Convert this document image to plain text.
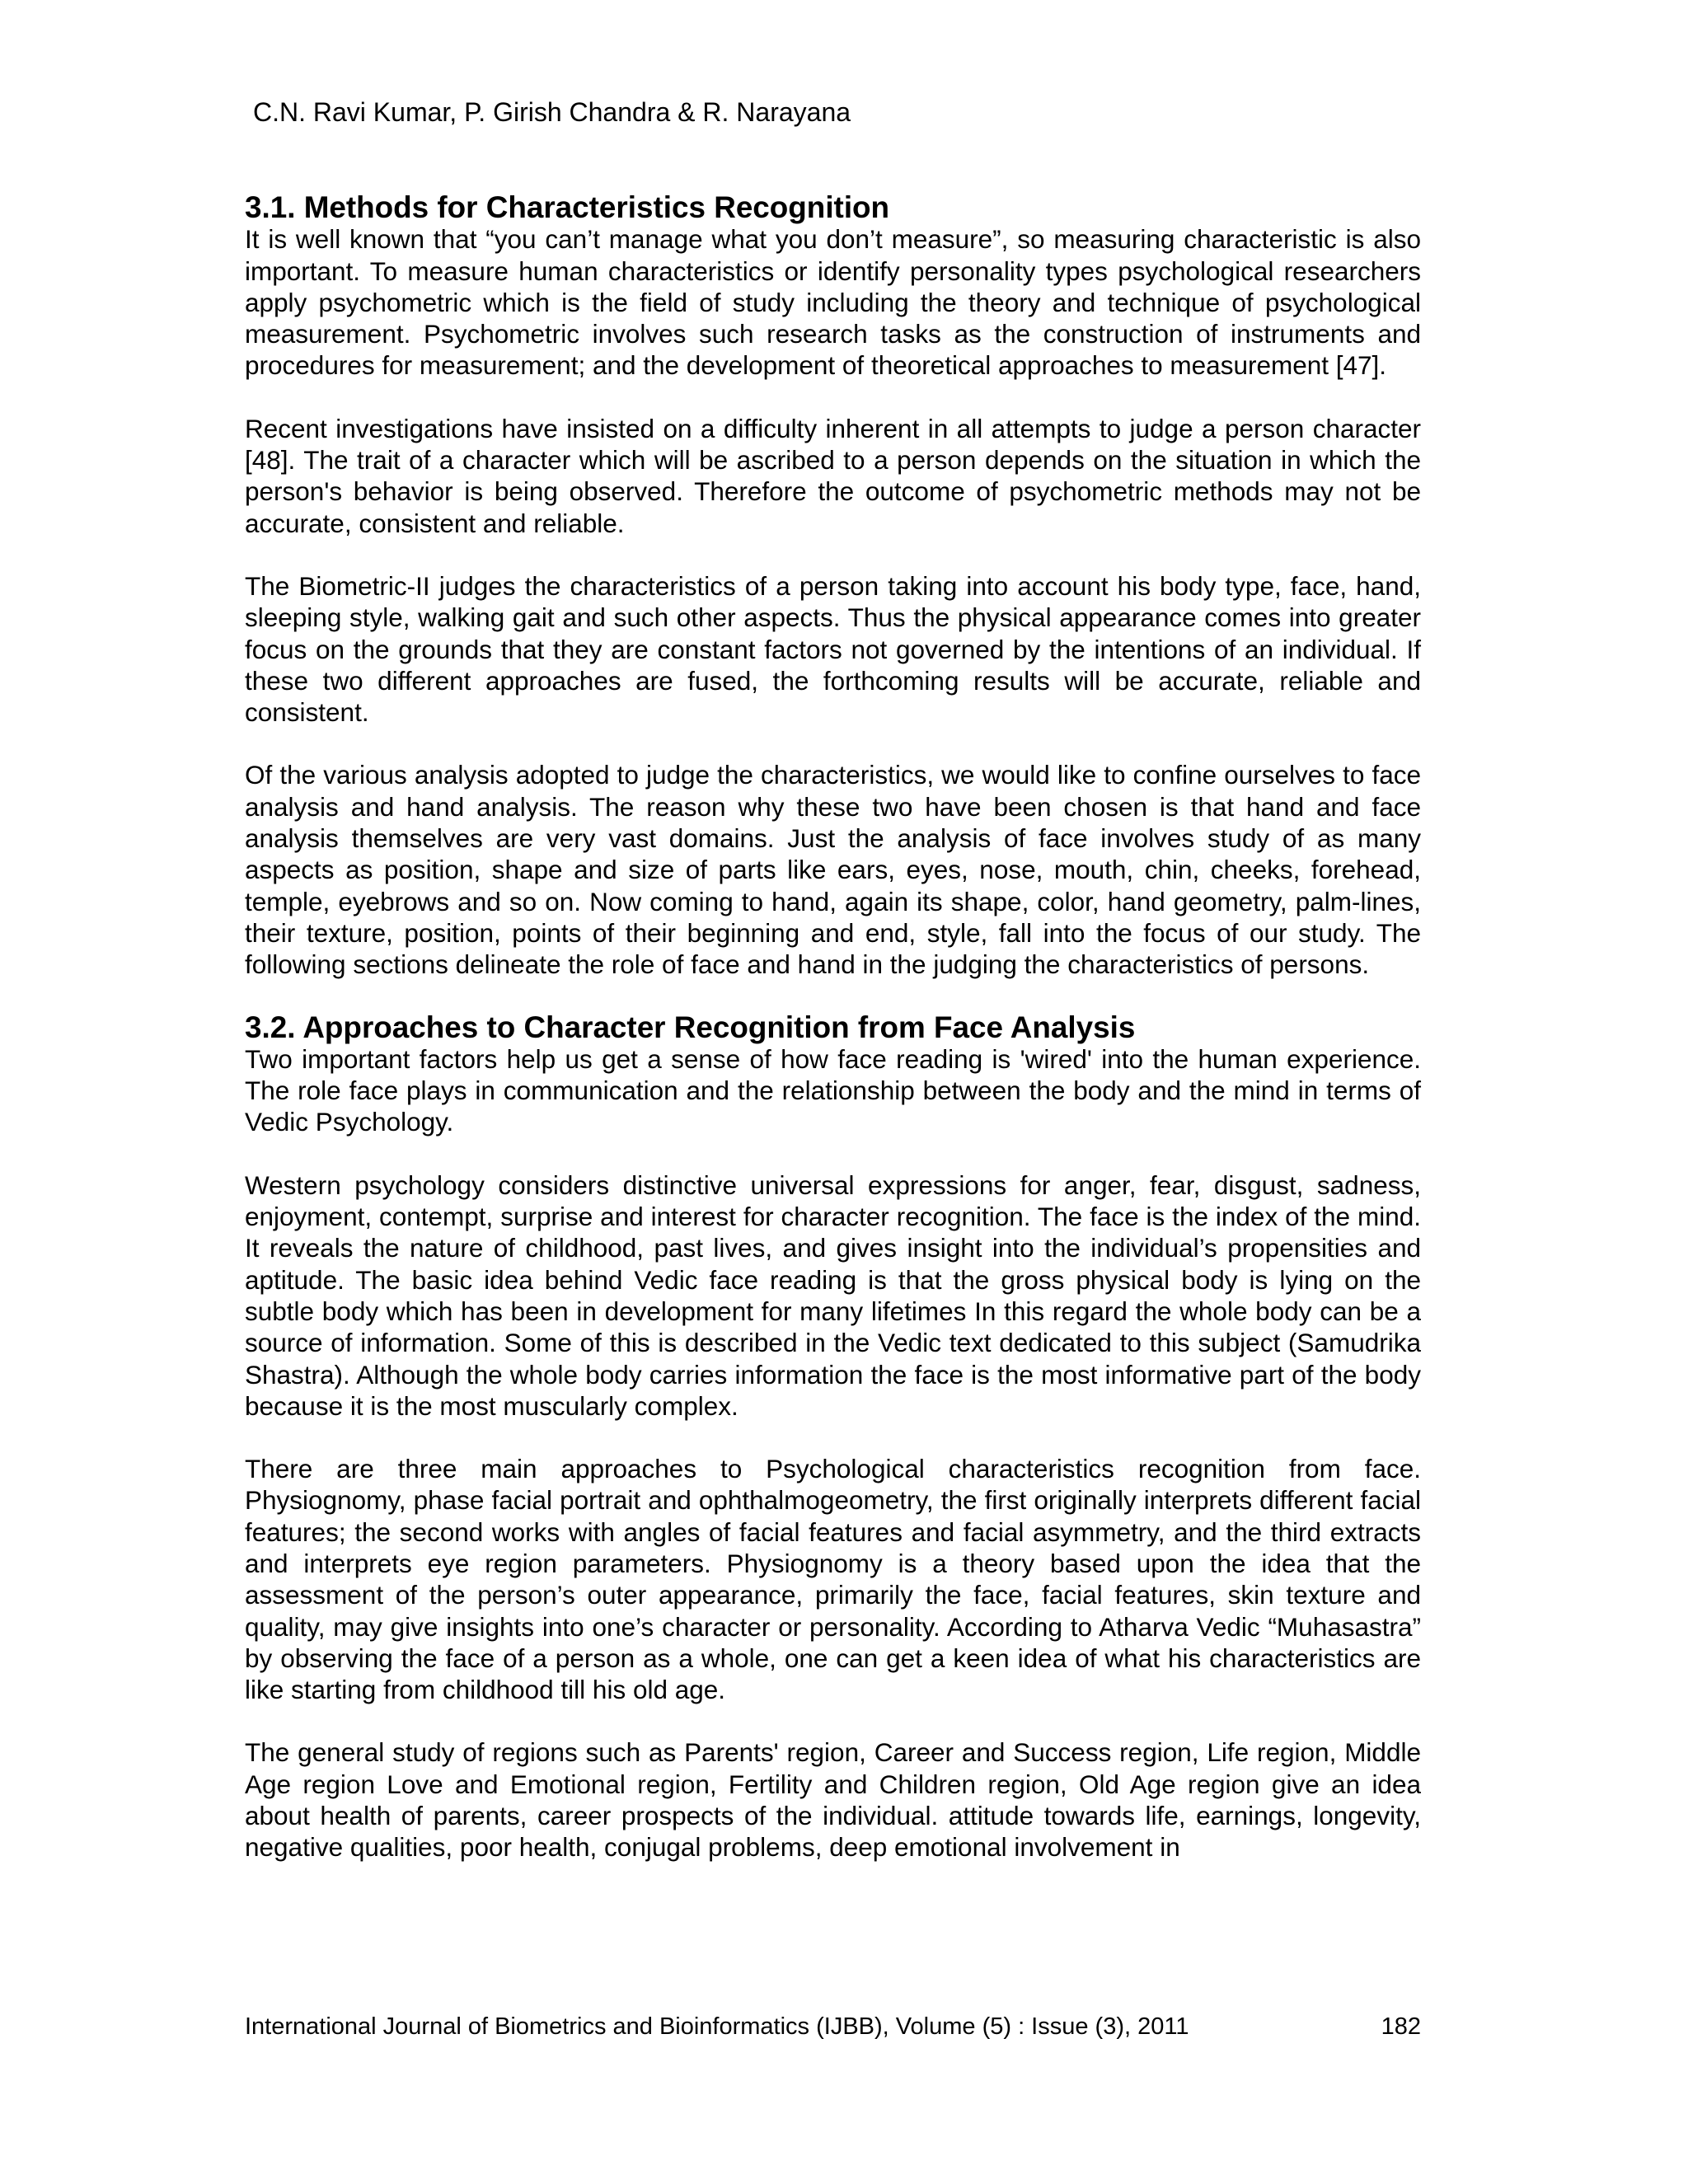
C.N. Ravi Kumar, P. Girish Chandra & R. Narayana
3.1. Methods for Characteristics Recognition

It is well known that “you can’t manage what you don’t measure”, so measuring characteristic is also important. To measure human characteristics or identify personality types psychological researchers apply psychometric which is the field of study including the theory and technique of psychological measurement. Psychometric involves such research tasks as the construction of instruments and procedures for measurement; and the development of theoretical approaches to measurement [47].

Recent investigations have insisted on a difficulty inherent in all attempts to judge a person character [48]. The trait of a character which will be ascribed to a person depends on the situation in which the person's behavior is being observed. Therefore the outcome of psychometric methods may not be accurate, consistent and reliable.

The Biometric-II judges the characteristics of a person taking into account his body type, face, hand, sleeping style, walking gait and such other aspects. Thus the physical appearance comes into greater focus on the grounds that they are constant factors not governed by the intentions of an individual. If these two different approaches are fused, the forthcoming results will be accurate, reliable and consistent.

Of the various analysis adopted to judge the characteristics, we would like to confine ourselves to face analysis and hand analysis. The reason why these two have been chosen is that hand and face analysis themselves are very vast domains. Just the analysis of face involves study of as many aspects as position, shape and size of parts like ears, eyes, nose, mouth, chin, cheeks, forehead, temple, eyebrows and so on. Now coming to hand, again its shape, color, hand geometry, palm-lines, their texture, position, points of their beginning and end, style, fall into the focus of our study. The following sections delineate the role of face and hand in the judging the characteristics of persons.

3.2. Approaches to Character Recognition from Face Analysis

Two important factors help us get a sense of how face reading is 'wired' into the human experience. The role face plays in communication and the relationship between the body and the mind in terms of Vedic Psychology.

Western psychology considers distinctive universal expressions for anger, fear, disgust, sadness, enjoyment, contempt, surprise and interest for character recognition. The face is the index of the mind. It reveals the nature of childhood, past lives, and gives insight into the individual’s propensities and aptitude. The basic idea behind Vedic face reading is that the gross physical body is lying on the subtle body which has been in development for many lifetimes In this regard the whole body can be a source of information. Some of this is described in the Vedic text dedicated to this subject (Samudrika Shastra). Although the whole body carries information the face is the most informative part of the body because it is the most muscularly complex.

There are three main approaches to Psychological characteristics recognition from face. Physiognomy, phase facial portrait and ophthalmogeometry, the first originally interprets different facial features; the second works with angles of facial features and facial asymmetry, and the third extracts and interprets eye region parameters. Physiognomy is a theory based upon the idea that the assessment of the person’s outer appearance, primarily the face, facial features, skin texture and quality, may give insights into one’s character or personality. According to Atharva Vedic “Muhasastra” by observing the face of a person as a whole, one can get a keen idea of what his characteristics are like starting from childhood till his old age.

The general study of regions such as Parents' region, Career and Success region, Life region, Middle Age region Love and Emotional region, Fertility and Children region, Old Age region give an idea about health of parents, career prospects of the individual. attitude towards life, earnings, longevity, negative qualities, poor health, conjugal problems, deep emotional involvement in

International Journal of Biometrics and Bioinformatics (IJBB), Volume (5) : Issue (3), 2011	182
